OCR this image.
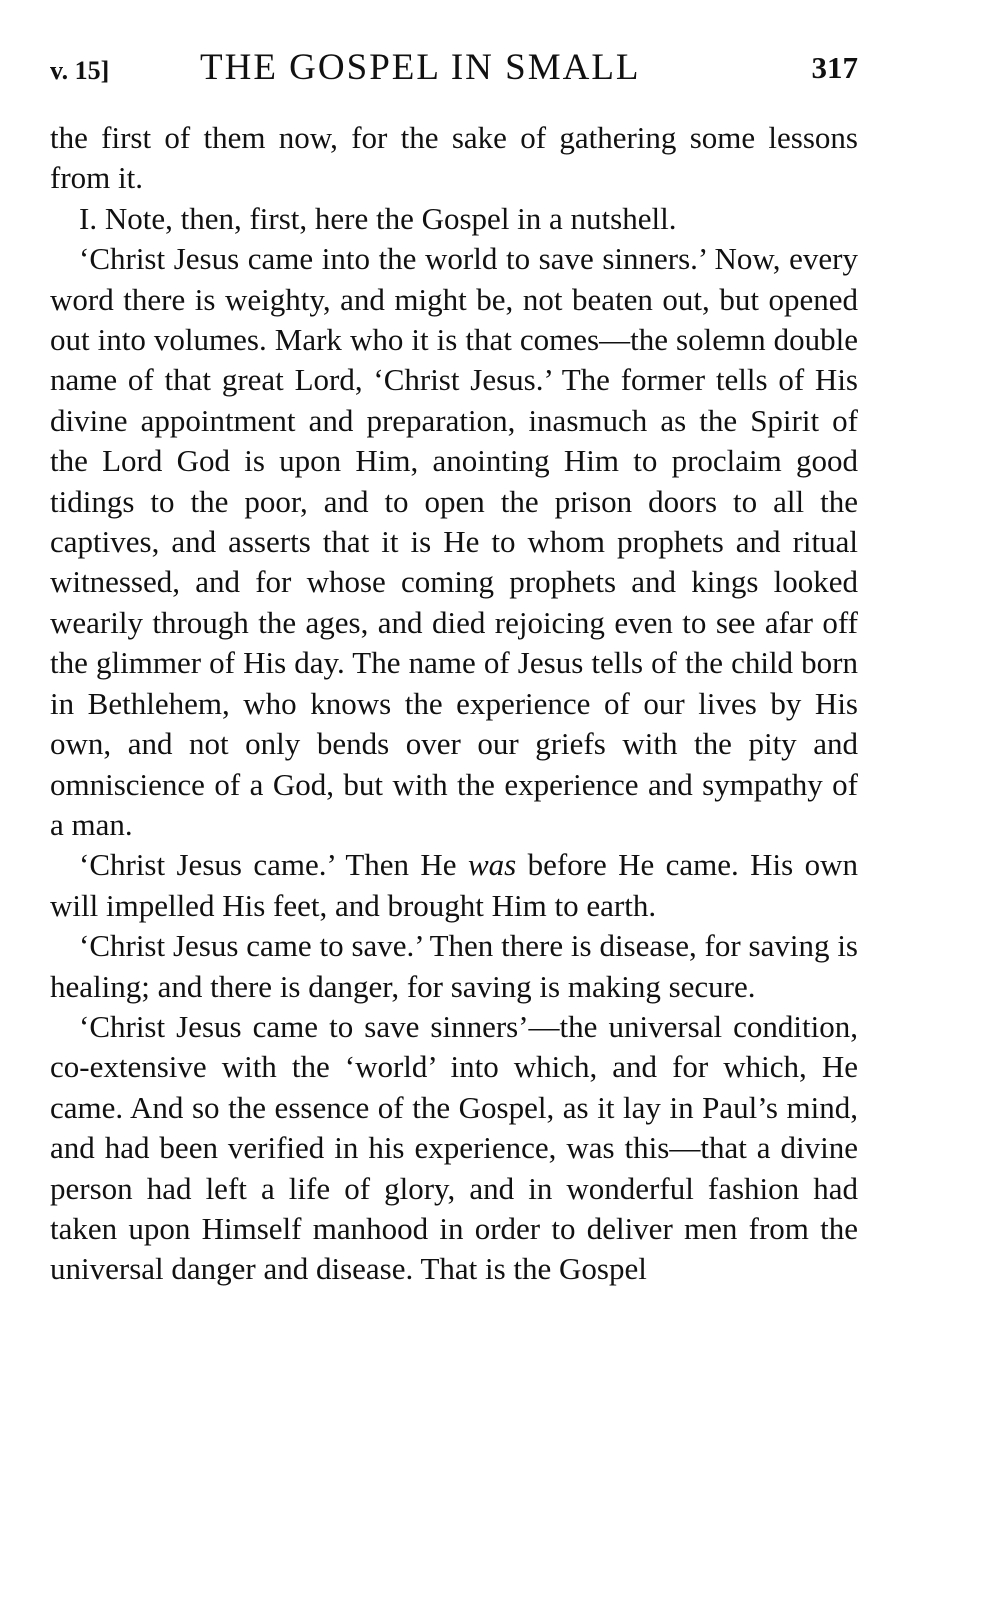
v. 15] THE GOSPEL IN SMALL	317

the first of them now, for the sake of gathering some lessons from it.

I. Note, then, first, here the Gospel in a nutshell.

‘Christ Jesus came into the world to save sinners.’ Now, every word there is weighty, and might be, not beaten out, but opened out into volumes. Mark who it is that comes—the solemn double name of that great Lord, ‘Christ Jesus.’ The former tells of His divine appointment and preparation, inasmuch as the Spirit of the Lord God is upon Him, anointing Him to proclaim good tidings to the poor, and to open the prison doors to all the captives, and asserts that it is He to whom prophets and ritual witnessed, and for whose coming prophets and kings looked wearily through the ages, and died rejoicing even to see afar off the glimmer of His day. The name of Jesus tells of the child born in Bethlehem, who knows the experience of our lives by His own, and not only bends over our griefs with the pity and omniscience of a God, but with the experience and sympathy of a man.

‘Christ Jesus came.’ Then He was before He came. His own will impelled His feet, and brought Him to earth.

‘Christ Jesus came to save.’ Then there is disease, for saving is healing; and there is danger, for saving is making secure.

‘Christ Jesus came to save sinners’—the universal condition, co-extensive with the ‘world’ into which, and for which, He came. And so the essence of the Gospel, as it lay in Paul’s mind, and had been verified in his experience, was this—that a divine person had left a life of glory, and in wonderful fashion had taken upon Himself manhood in order to deliver men from the universal danger and disease. That is the Gospel
